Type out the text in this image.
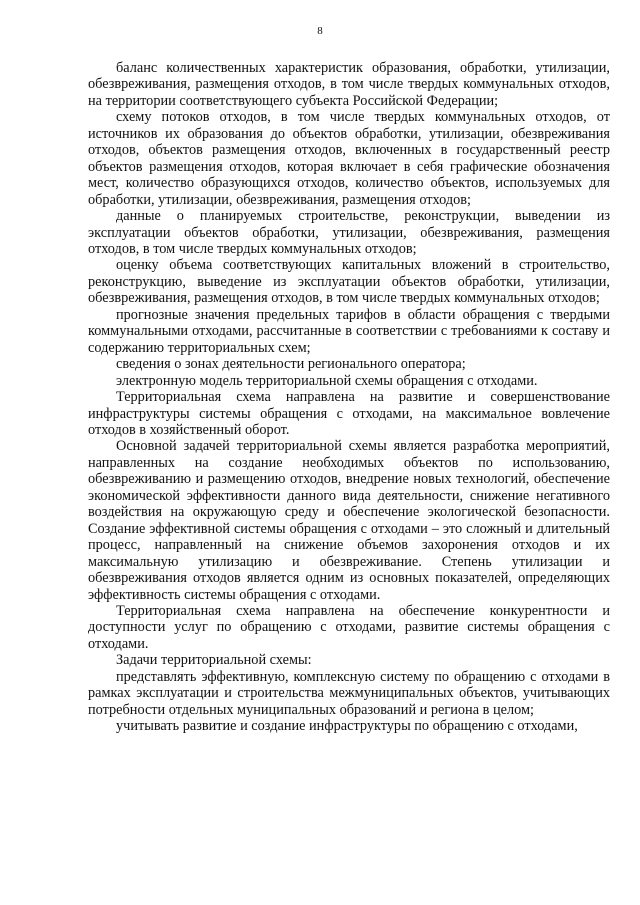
8

баланс количественных характеристик образования, обработки, утилизации, обезвреживания, размещения отходов, в том числе твердых коммунальных отходов, на территории соответствующего субъекта Российской Федерации;

схему потоков отходов, в том числе твердых коммунальных отходов, от источников их образования до объектов обработки, утилизации, обезвреживания отходов, объектов размещения отходов, включенных в государственный реестр объектов размещения отходов, которая включает в себя графические обозначения мест, количество образующихся отходов, количество объектов, используемых для обработки, утилизации, обезвреживания, размещения отходов;

данные о планируемых строительстве, реконструкции, выведении из эксплуатации объектов обработки, утилизации, обезвреживания, размещения отходов, в том числе твердых коммунальных отходов;

оценку объема соответствующих капитальных вложений в строительство, реконструкцию, выведение из эксплуатации объектов обработки, утилизации, обезвреживания, размещения отходов, в том числе твердых коммунальных отходов;

прогнозные значения предельных тарифов в области обращения с твердыми коммунальными отходами, рассчитанные в соответствии с требованиями к составу и содержанию территориальных схем;

сведения о зонах деятельности регионального оператора;

электронную модель территориальной схемы обращения с отходами.

Территориальная схема направлена на развитие и совершенствование инфраструктуры системы обращения с отходами, на максимальное вовлечение отходов в хозяйственный оборот.

Основной задачей территориальной схемы является разработка мероприятий, направленных на создание необходимых объектов по использованию, обезвреживанию и размещению отходов, внедрение новых технологий, обеспечение экономической эффективности данного вида деятельности, снижение негативного воздействия на окружающую среду и обеспечение экологической безопасности. Создание эффективной системы обращения с отходами – это сложный и длительный процесс, направленный на снижение объемов захоронения отходов и их максимальную утилизацию и обезвреживание. Степень утилизации и обезвреживания отходов является одним из основных показателей, определяющих эффективность системы обращения с отходами.

Территориальная схема направлена на обеспечение конкурентности и доступности услуг по обращению с отходами, развитие системы обращения с отходами.

Задачи территориальной схемы:

представлять эффективную, комплексную систему по обращению с отходами в рамках эксплуатации и строительства межмуниципальных объектов, учитывающих потребности отдельных муниципальных образований и региона в целом;

учитывать развитие и создание инфраструктуры по обращению с отходами,
